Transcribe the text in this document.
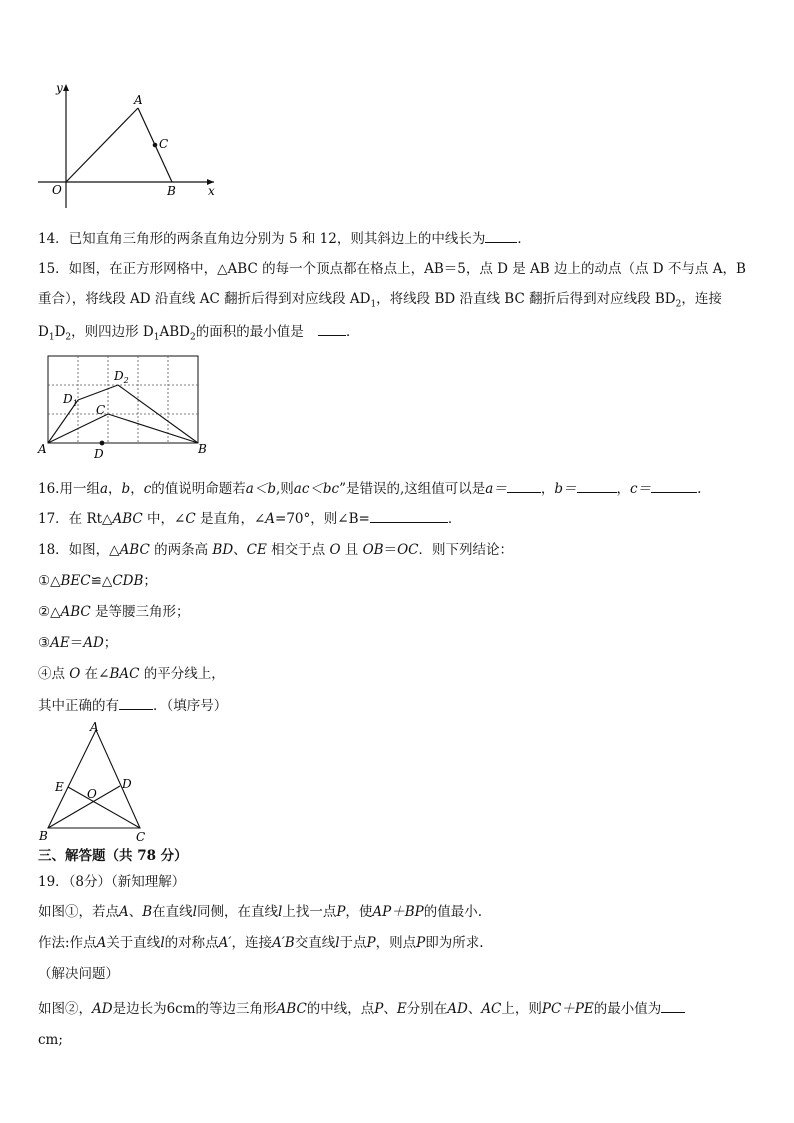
y
x
O
A
B
C
14．已知直角三角形的两条直角边分别为 5 和 12，则其斜边上的中线长为 ．
15．如图，在正方形网格中，△ABC 的每一个顶点都在格点上，AB＝5，点 D 是 AB 边上的动点（点 D 不与点 A，B
重合），将线段 AD 沿直线 AC 翻折后得到对应线段 $AD_1$，将线段 BD 沿直线 BC 翻折后得到对应线段 $BD_2$，连接
$D_1D_2$，则四边形 $D_1ABD_2$的面积的最小值是	．
A	B
C
D
$D_1$
$D_2$
16.用一组a，b，c的值说明命题若a＜b,则ac＜bc”是错误的,这组值可以是a＝	，b＝	，c＝	.
17．在 Rt△ABC 中，∠C 是直角，∠A=70°，则∠B=	．
18．如图，△ABC 的两条高 BD、CE 相交于点 O 且 OB＝OC．则下列结论：
①△BEC≌△CDB；
②△ABC 是等腰三角形；
③AE＝AD；
④点 O 在∠BAC 的平分线上，
其中正确的有	．（填序号）
A
B	C
D
E O
三、解答题（共 78 分）
19．（8分）（新知理解）
如图①，若点A、B在直线l同侧，在直线l上找一点P，使AP＋BP的值最小.
作法:作点A关于直线l的对称点A′，连接A′B交直线l于点P，则点P即为所求.
（解决问题）
如图②，AD是边长为6cm的等边三角形ABC的中线，点P、E分别在AD、AC上，则PC＋PE的最小值为
cm;
